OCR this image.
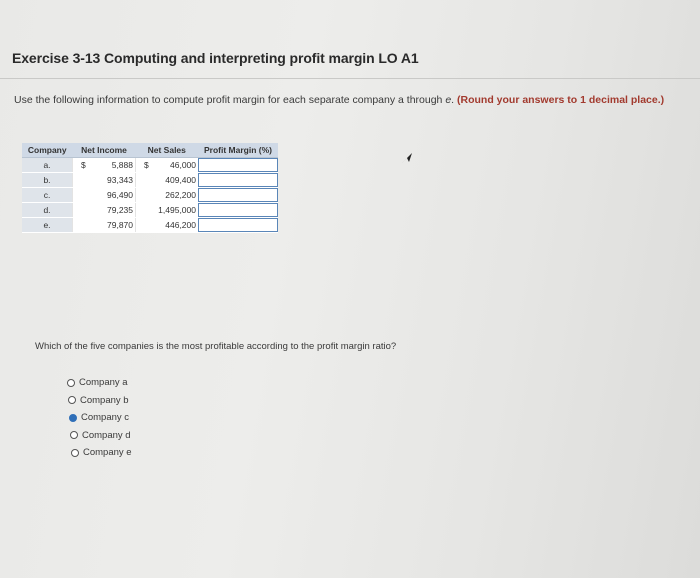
Exercise 3-13 Computing and interpreting profit margin LO A1
Use the following information to compute profit margin for each separate company a through e. (Round your answers to 1 decimal place.)
Company	Net Income	Net Sales	Profit Margin (%)
a.	$ 5,888	$ 46,000	

b.	93,343	409,400	

c.	96,490	262,200	

d.	79,235	1,495,000	

e.	79,870	446,200	
Which of the five companies is the most profitable according to the profit margin ratio?
Company a
Company b
Company c
Company d
Company e
